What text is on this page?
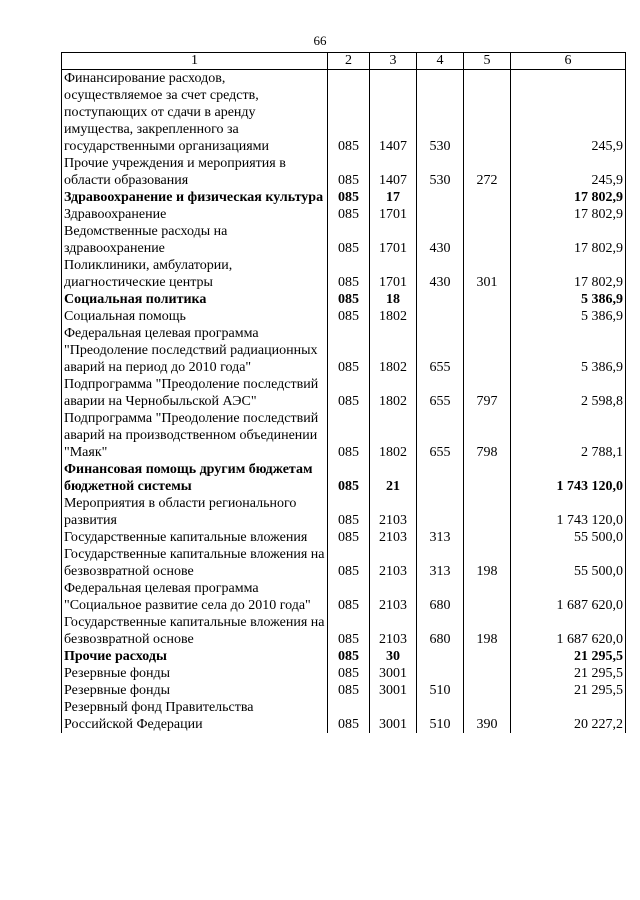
66
1	2	3	4	5	6
Финансирование расходов, осуществляемое за счет средств, поступающих от сдачи в аренду имущества, закрепленного за государственными организациями	085	1407	530		245,9
Прочие учреждения и мероприятия в области образования	085	1407	530	272	245,9
Здравоохранение и физическая культура	085	17			17 802,9
Здравоохранение	085	1701			17 802,9
Ведомственные расходы на здравоохранение	085	1701	430		17 802,9
Поликлиники, амбулатории, диагностические центры	085	1701	430	301	17 802,9
Социальная политика	085	18			5 386,9
Социальная помощь	085	1802			5 386,9
Федеральная целевая программа "Преодоление последствий радиационных аварий на период до 2010 года"	085	1802	655		5 386,9
Подпрограмма "Преодоление последствий аварии на Чернобыльской АЭС"	085	1802	655	797	2 598,8
Подпрограмма "Преодоление последствий аварий на производственном объединении "Маяк"	085	1802	655	798	2 788,1
Финансовая помощь другим бюджетам бюджетной системы	085	21			1 743 120,0
Мероприятия в области регионального развития	085	2103			1 743 120,0
Государственные капитальные вложения	085	2103	313		55 500,0
Государственные капитальные вложения на безвозвратной основе	085	2103	313	198	55 500,0
Федеральная целевая программа "Социальное развитие села до 2010 года"	085	2103	680		1 687 620,0
Государственные капитальные вложения на безвозвратной основе	085	2103	680	198	1 687 620,0
Прочие расходы	085	30			21 295,5
Резервные фонды	085	3001			21 295,5
Резервные фонды	085	3001	510		21 295,5
Резервный фонд Правительства Российской Федерации	085	3001	510	390	20 227,2
